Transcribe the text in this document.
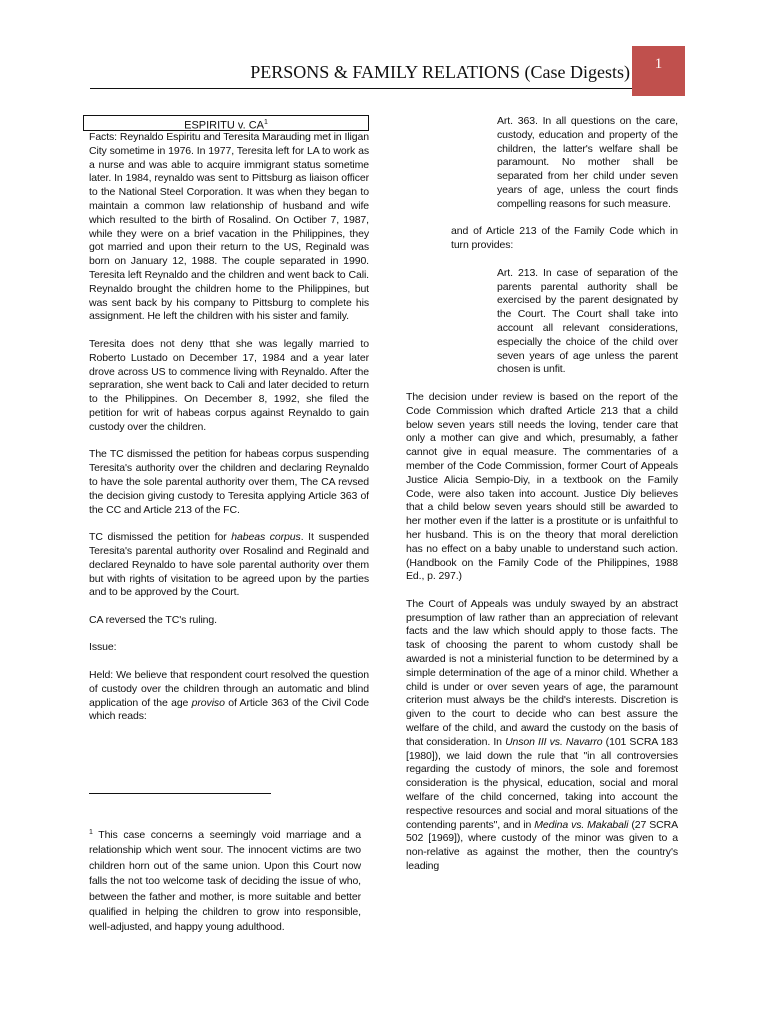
PERSONS & FAMILY RELATIONS (Case Digests) 1
ESPIRITU v. $CA^1$

Facts: Reynaldo Espiritu and Teresita Marauding met in Iligan City sometime in 1976. In 1977, Teresita left for LA to work as a nurse and was able to acquire immigrant status sometime later. In 1984, reynaldo was sent to Pittsburg as liaison officer to the National Steel Corporation. It was when they began to maintain a common law relationship of husband and wife which resulted to the birth of Rosalind. On Octiber 7, 1987, while they were on a brief vacation in the Philippines, they got married and upon their return to the US, Reginald was born on January 12, 1988. The couple separated in 1990. Teresita left Reynaldo and the children and went back to Cali. Reynaldo brought the children home to the Philippines, but was sent back by his company to Pittsburg to complete his assignment. He left the children with his sister and family.

Teresita does not deny tthat she was legally married to Roberto Lustado on December 17, 1984 and a year later drove across US to commence living with Reynaldo. After the sepraration, she went back to Cali and later decided to return to the Philippines. On December 8, 1992, she filed the petition for writ of habeas corpus against Reynaldo to gain custody over the children.

The TC dismissed the petition for habeas corpus suspending Teresita's authority over the children and declaring Reynaldo to have the sole parental authority over them, The CA revsed the decision giving custody to Teresita applying Article 363 of the CC and Article 213 of the FC.

TC dismissed the petition for habeas corpus. It suspended Teresita's parental authority over Rosalind and Reginald and declared Reynaldo to have sole parental authority over them but with rights of visitation to be agreed upon by the parties and to be approved by the Court.

CA reversed the TC's ruling.

Issue:

Held: We believe that respondent court resolved the question of custody over the children through an automatic and blind application of the age proviso of Article 363 of the Civil Code which reads:

$^1$ This case concerns a seemingly void marriage and a relationship which went sour. The innocent victims are two children horn out of the same union. Upon this Court now falls the not too welcome task of deciding the issue of who, between the father and mother, is more suitable and better qualified in helping the children to grow into responsible, well-adjusted, and happy young adulthood.

Art. 363. In all questions on the care, custody, education and property of the children, the latter's welfare shall be paramount. No mother shall be separated from her child under seven years of age, unless the court finds compelling reasons for such measure.

and of Article 213 of the Family Code which in turn provides:

Art. 213. In case of separation of the parents parental authority shall be exercised by the parent designated by the Court. The Court shall take into account all relevant considerations, especially the choice of the child over seven years of age unless the parent chosen is unfit.

The decision under review is based on the report of the Code Commission which drafted Article 213 that a child below seven years still needs the loving, tender care that only a mother can give and which, presumably, a father cannot give in equal measure. The commentaries of a member of the Code Commission, former Court of Appeals Justice Alicia Sempio-Diy, in a textbook on the Family Code, were also taken into account. Justice Diy believes that a child below seven years should still be awarded to her mother even if the latter is a prostitute or is unfaithful to her husband. This is on the theory that moral dereliction has no effect on a baby unable to understand such action. (Handbook on the Family Code of the Philippines, 1988 Ed., p. 297.)

The Court of Appeals was unduly swayed by an abstract presumption of law rather than an appreciation of relevant facts and the law which should apply to those facts. The task of choosing the parent to whom custody shall be awarded is not a ministerial function to be determined by a simple determination of the age of a minor child. Whether a child is under or over seven years of age, the paramount criterion must always be the child's interests. Discretion is given to the court to decide who can best assure the welfare of the child, and award the custody on the basis of that consideration. In Unson III vs. Navarro (101 SCRA 183 [1980]), we laid down the rule that "in all controversies regarding the custody of minors, the sole and foremost consideration is the physical, education, social and moral welfare of the child concerned, taking into account the respective resources and social and moral situations of the contending parents", and in Medina vs. Makabali (27 SCRA 502 [1969]), where custody of the minor was given to a non-relative as against the mother, then the country's leading
